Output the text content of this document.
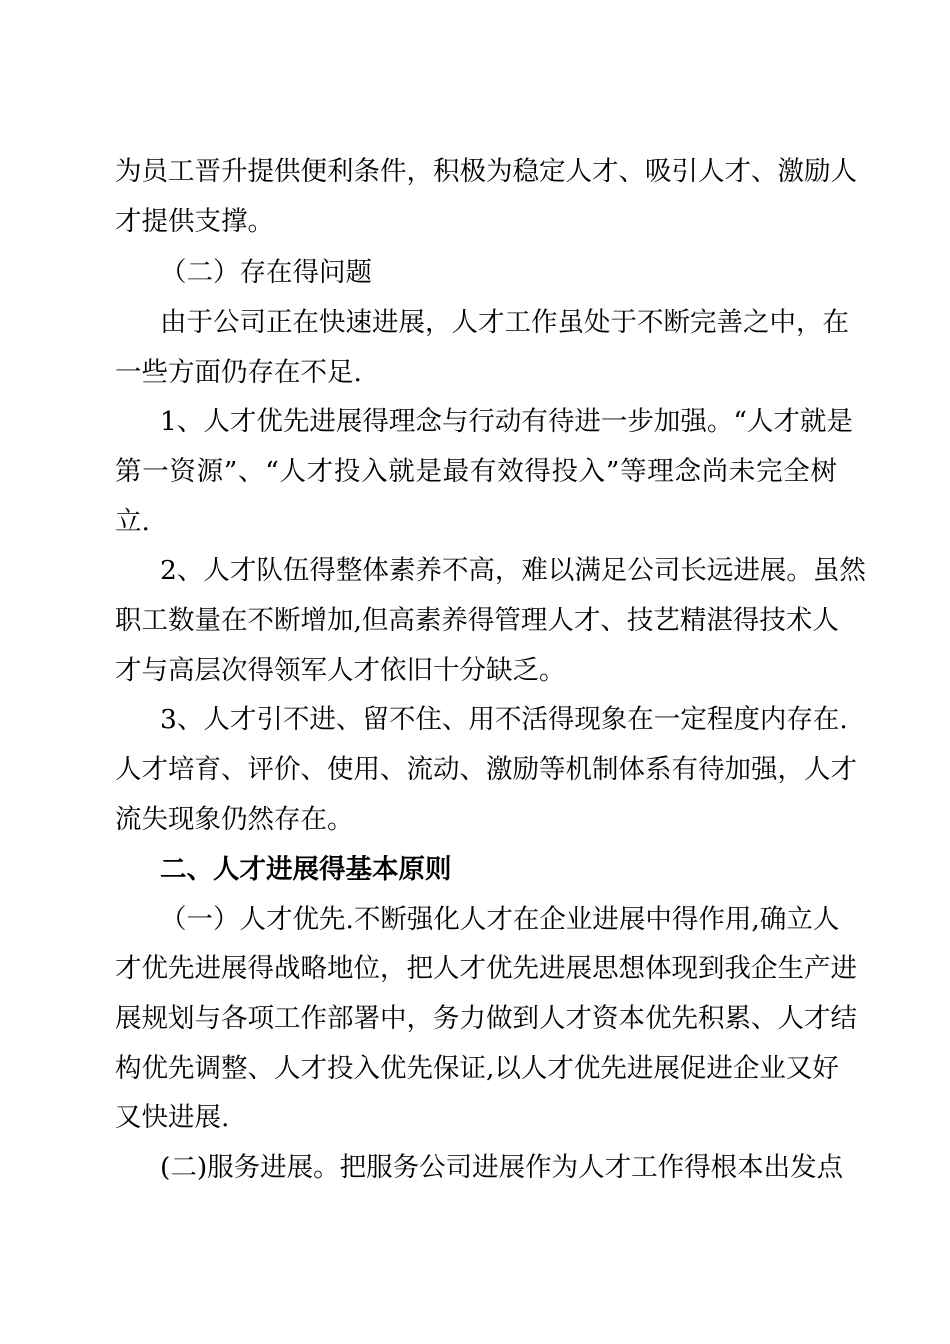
为员工晋升提供便利条件，积极为稳定人才、吸引人才、激励人
才提供支撑。
（二）存在得问题
由于公司正在快速进展，人才工作虽处于不断完善之中，在
一些方面仍存在不足.
1、人才优先进展得理念与行动有待进一步加强。“人才就是
第一资源”、“人才投入就是最有效得投入”等理念尚未完全树
立.
2、人才队伍得整体素养不高，难以满足公司长远进展。虽然
职工数量在不断增加,但高素养得管理人才、技艺精湛得技术人
才与高层次得领军人才依旧十分缺乏。
3、人才引不进、留不住、用不活得现象在一定程度内存在.
人才培育、评价、使用、流动、激励等机制体系有待加强，人才
流失现象仍然存在。
二、人才进展得基本原则
（一）人才优先.不断强化人才在企业进展中得作用,确立人
才优先进展得战略地位，把人才优先进展思想体现到我企生产进
展规划与各项工作部署中，务力做到人才资本优先积累、人才结
构优先调整、人才投入优先保证,以人才优先进展促进企业又好
又快进展.
(二)服务进展。把服务公司进展作为人才工作得根本出发点
